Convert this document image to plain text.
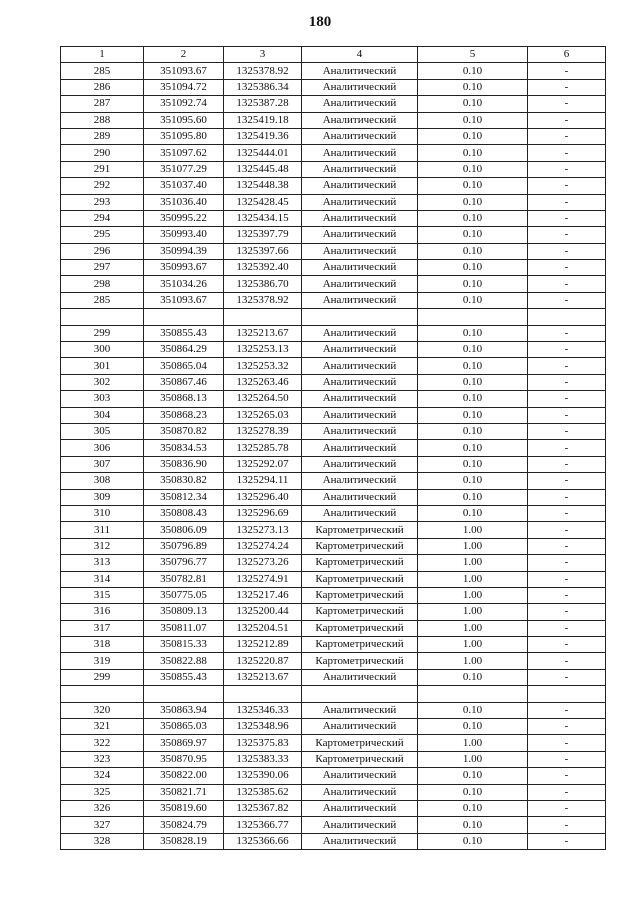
180
1	2	3	4	5	6
285	351093.67	1325378.92	Аналитический	0.10	-
286	351094.72	1325386.34	Аналитический	0.10	-
287	351092.74	1325387.28	Аналитический	0.10	-
288	351095.60	1325419.18	Аналитический	0.10	-
289	351095.80	1325419.36	Аналитический	0.10	-
290	351097.62	1325444.01	Аналитический	0.10	-
291	351077.29	1325445.48	Аналитический	0.10	-
292	351037.40	1325448.38	Аналитический	0.10	-
293	351036.40	1325428.45	Аналитический	0.10	-
294	350995.22	1325434.15	Аналитический	0.10	-
295	350993.40	1325397.79	Аналитический	0.10	-
296	350994.39	1325397.66	Аналитический	0.10	-
297	350993.67	1325392.40	Аналитический	0.10	-
298	351034.26	1325386.70	Аналитический	0.10	-
285	351093.67	1325378.92	Аналитический	0.10	-

299	350855.43	1325213.67	Аналитический	0.10	-
300	350864.29	1325253.13	Аналитический	0.10	-
301	350865.04	1325253.32	Аналитический	0.10	-
302	350867.46	1325263.46	Аналитический	0.10	-
303	350868.13	1325264.50	Аналитический	0.10	-
304	350868.23	1325265.03	Аналитический	0.10	-
305	350870.82	1325278.39	Аналитический	0.10	-
306	350834.53	1325285.78	Аналитический	0.10	-
307	350836.90	1325292.07	Аналитический	0.10	-
308	350830.82	1325294.11	Аналитический	0.10	-
309	350812.34	1325296.40	Аналитический	0.10	-
310	350808.43	1325296.69	Аналитический	0.10	-
311	350806.09	1325273.13	Картометрический	1.00	-
312	350796.89	1325274.24	Картометрический	1.00	-
313	350796.77	1325273.26	Картометрический	1.00	-
314	350782.81	1325274.91	Картометрический	1.00	-
315	350775.05	1325217.46	Картометрический	1.00	-
316	350809.13	1325200.44	Картометрический	1.00	-
317	350811.07	1325204.51	Картометрический	1.00	-
318	350815.33	1325212.89	Картометрический	1.00	-
319	350822.88	1325220.87	Картометрический	1.00	-
299	350855.43	1325213.67	Аналитический	0.10	-

320	350863.94	1325346.33	Аналитический	0.10	-
321	350865.03	1325348.96	Аналитический	0.10	-
322	350869.97	1325375.83	Картометрический	1.00	-
323	350870.95	1325383.33	Картометрический	1.00	-
324	350822.00	1325390.06	Аналитический	0.10	-
325	350821.71	1325385.62	Аналитический	0.10	-
326	350819.60	1325367.82	Аналитический	0.10	-
327	350824.79	1325366.77	Аналитический	0.10	-
328	350828.19	1325366.66	Аналитический	0.10	-
